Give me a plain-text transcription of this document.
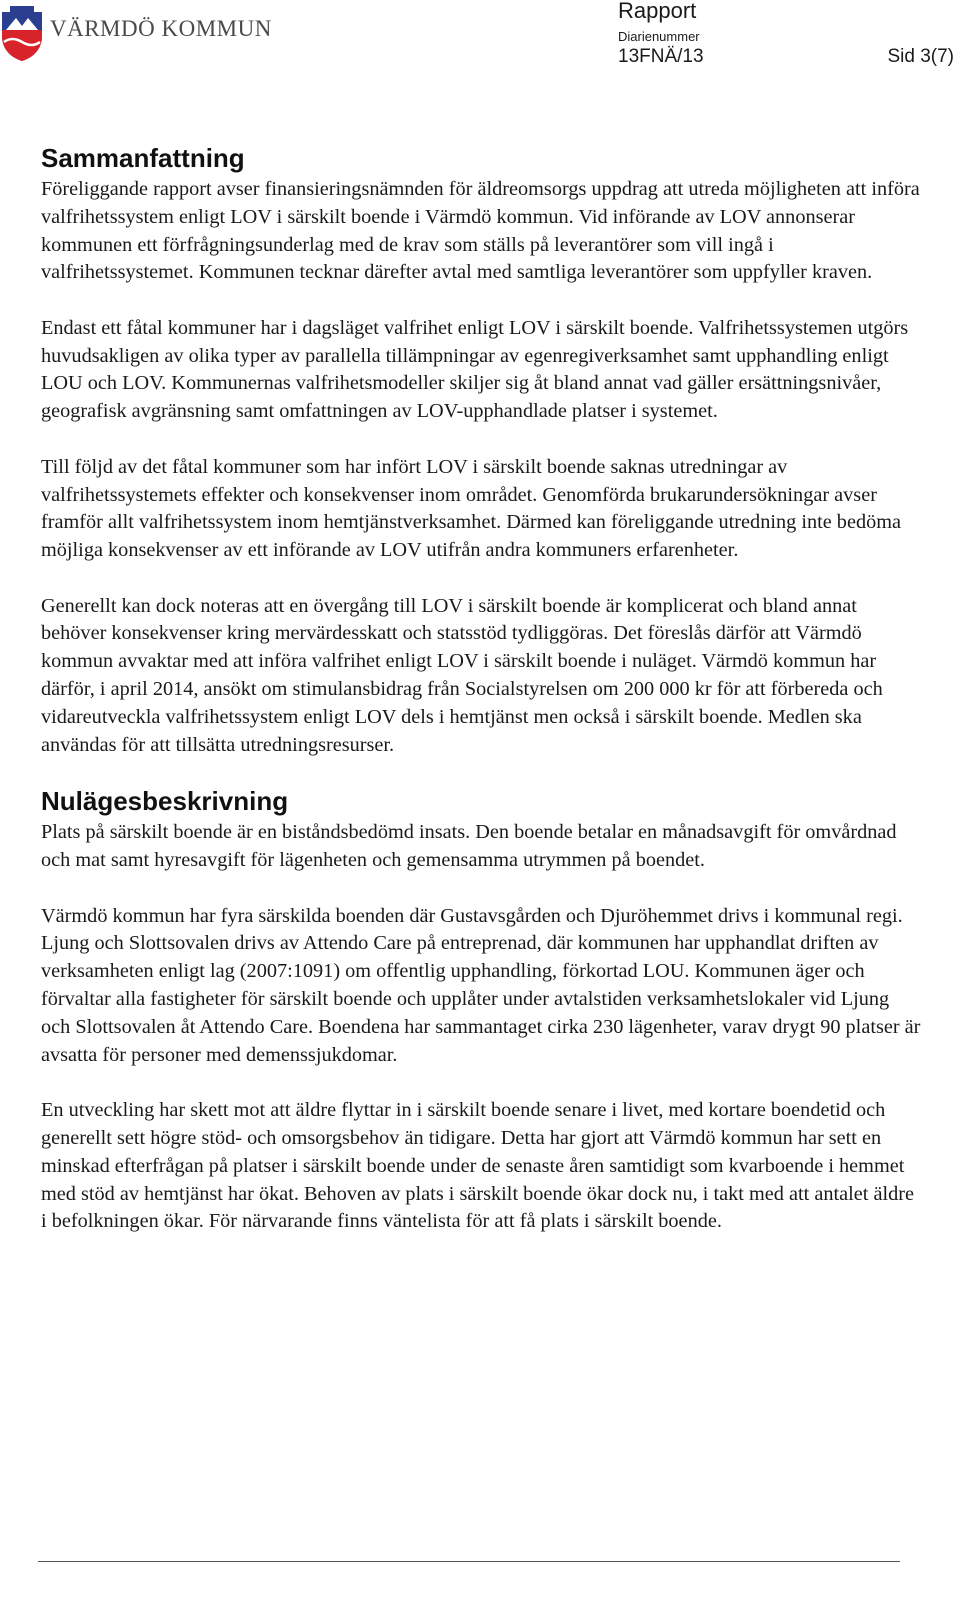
VÄRMDÖ KOMMUN
Rapport
Diarienummer
13FNÄ/13	Sid 3(7)
Sammanfattning

Föreliggande rapport avser finansieringsnämnden för äldreomsorgs uppdrag att utreda möjligheten att införa valfrihetssystem enligt LOV i särskilt boende i Värmdö kommun. Vid införande av LOV annonserar kommunen ett förfrågningsunderlag med de krav som ställs på leverantörer som vill ingå i valfrihetssystemet. Kommunen tecknar därefter avtal med samtliga leverantörer som uppfyller kraven.

Endast ett fåtal kommuner har i dagsläget valfrihet enligt LOV i särskilt boende. Valfrihetssystemen utgörs huvudsakligen av olika typer av parallella tillämpningar av egenregiverksamhet samt upphandling enligt LOU och LOV. Kommunernas valfrihetsmodeller skiljer sig åt bland annat vad gäller ersättningsnivåer, geografisk avgränsning samt omfattningen av LOV-upphandlade platser i systemet.

Till följd av det fåtal kommuner som har infört LOV i särskilt boende saknas utredningar av valfrihetssystemets effekter och konsekvenser inom området. Genomförda brukarundersökningar avser framför allt valfrihetssystem inom hemtjänstverksamhet. Därmed kan föreliggande utredning inte bedöma möjliga konsekvenser av ett införande av LOV utifrån andra kommuners erfarenheter.

Generellt kan dock noteras att en övergång till LOV i särskilt boende är komplicerat och bland annat behöver konsekvenser kring mervärdesskatt och statsstöd tydliggöras. Det föreslås därför att Värmdö kommun avvaktar med att införa valfrihet enligt LOV i särskilt boende i nuläget. Värmdö kommun har därför, i april 2014, ansökt om stimulansbidrag från Socialstyrelsen om 200 000 kr för att förbereda och vidareutveckla valfrihetssystem enligt LOV dels i hemtjänst men också i särskilt boende. Medlen ska användas för att tillsätta utredningsresurser.

Nulägesbeskrivning

Plats på särskilt boende är en biståndsbedömd insats. Den boende betalar en månadsavgift för omvårdnad och mat samt hyresavgift för lägenheten och gemensamma utrymmen på boendet.

Värmdö kommun har fyra särskilda boenden där Gustavsgården och Djuröhemmet drivs i kommunal regi. Ljung och Slottsovalen drivs av Attendo Care på entreprenad, där kommunen har upphandlat driften av verksamheten enligt lag (2007:1091) om offentlig upphandling, förkortad LOU. Kommunen äger och förvaltar alla fastigheter för särskilt boende och upplåter under avtalstiden verksamhetslokaler vid Ljung och Slottsovalen åt Attendo Care. Boendena har sammantaget cirka 230 lägenheter, varav drygt 90 platser är avsatta för personer med demenssjukdomar.

En utveckling har skett mot att äldre flyttar in i särskilt boende senare i livet, med kortare boendetid och generellt sett högre stöd- och omsorgsbehov än tidigare. Detta har gjort att Värmdö kommun har sett en minskad efterfrågan på platser i särskilt boende under de senaste åren samtidigt som kvarboende i hemmet med stöd av hemtjänst har ökat. Behoven av plats i särskilt boende ökar dock nu, i takt med att antalet äldre i befolkningen ökar. För närvarande finns väntelista för att få plats i särskilt boende.
